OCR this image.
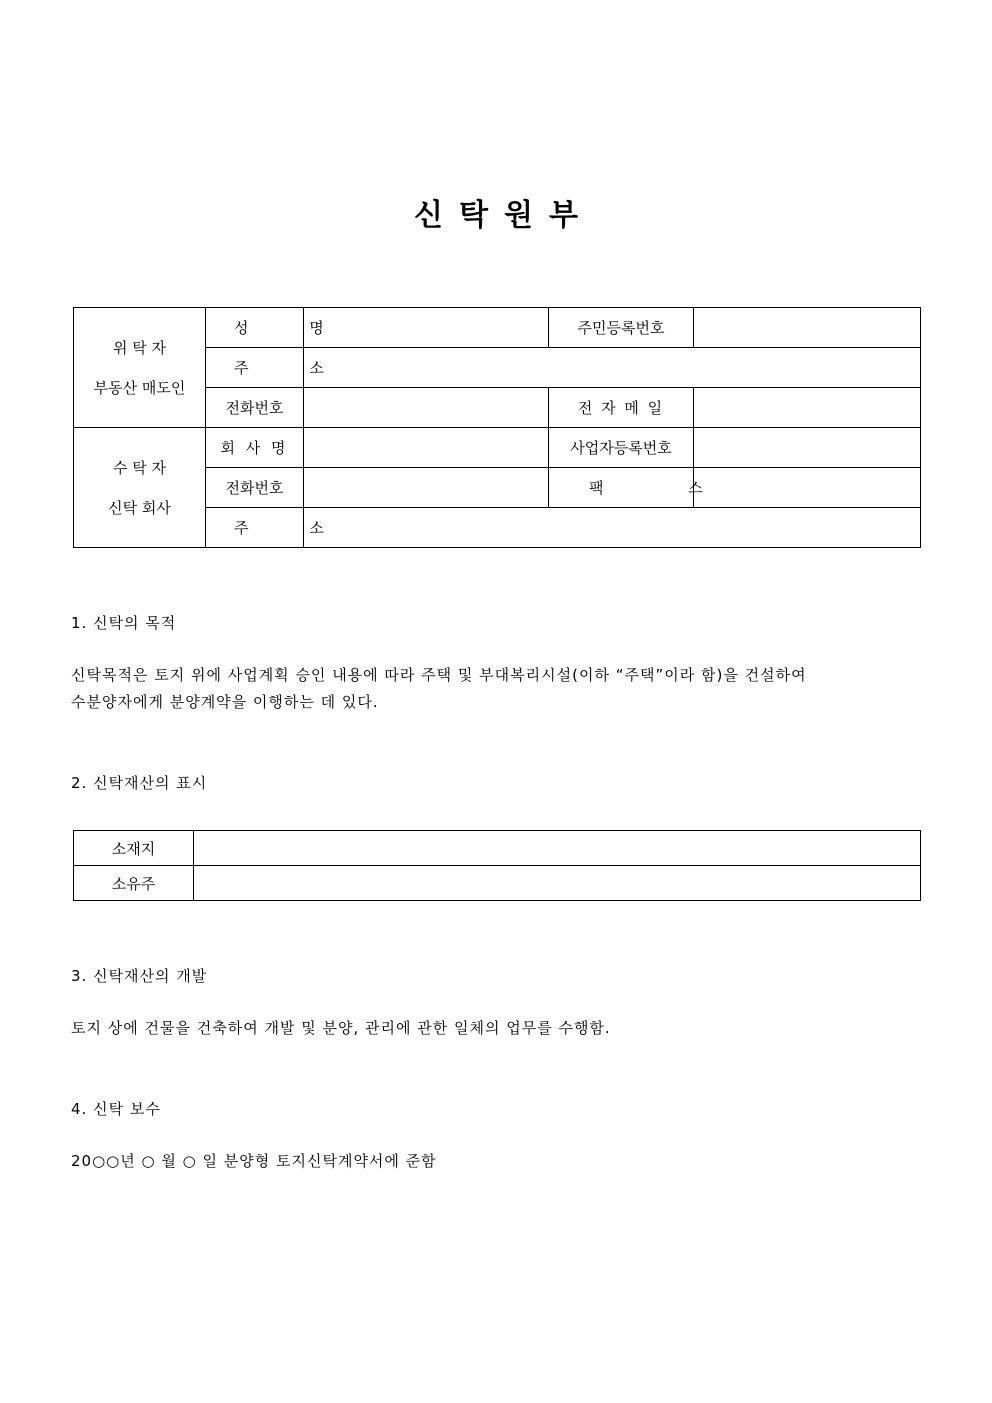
신탁원부
위 탁 자
부동산 매도인	성 명		주민등록번호	
	주 소			
	전화번호		전 자 메 일	

수 탁 자
신탁 회사	회 사 명		사업자등록번호	
	전화번호		팩 스	
	주 소			
1. 신탁의 목적
신탁목적은 토지 위에 사업계획 승인 내용에 따라 주택 및 부대복리시설(이하 “주택”이라 함)을 건설하여
수분양자에게 분양계약을 이행하는 데 있다.
2. 신탁재산의 표시
소재지	
소유주	
3. 신탁재산의 개발
토지 상에 건물을 건축하여 개발 및 분양, 관리에 관한 일체의 업무를 수행함.
4. 신탁 보수
20○○년 ○ 월 ○ 일 분양형 토지신탁계약서에 준함
